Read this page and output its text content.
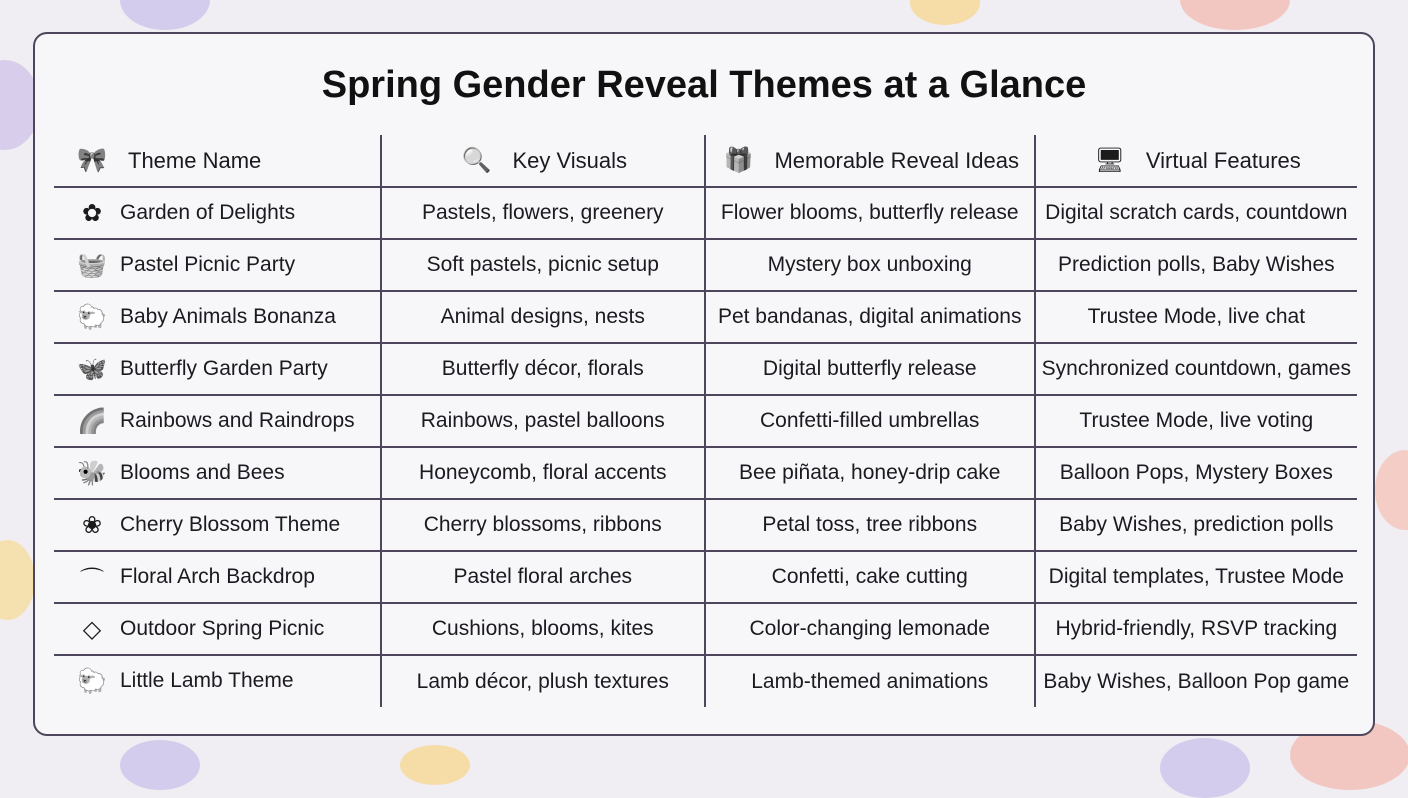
Spring Gender Reveal Themes at a Glance
🎀 Theme Name	🔍 Key Visuals	🎁 Memorable Reveal Ideas	🖥 Virtual Features

✿ Garden of Delights	Pastels, flowers, greenery	Flower blooms, butterfly release	Digital scratch cards, countdown
🧺 Pastel Picnic Party	Soft pastels, picnic setup	Mystery box unboxing	Prediction polls, Baby Wishes
🐑 Baby Animals Bonanza	Animal designs, nests	Pet bandanas, digital animations	Trustee Mode, live chat
🦋 Butterfly Garden Party	Butterfly décor, florals	Digital butterfly release	Synchronized countdown, games
🌈 Rainbows and Raindrops	Rainbows, pastel balloons	Confetti-filled umbrellas	Trustee Mode, live voting
🐝 Blooms and Bees	Honeycomb, floral accents	Bee piñata, honey-drip cake	Balloon Pops, Mystery Boxes
❀ Cherry Blossom Theme	Cherry blossoms, ribbons	Petal toss, tree ribbons	Baby Wishes, prediction polls
⌒ Floral Arch Backdrop	Pastel floral arches	Confetti, cake cutting	Digital templates, Trustee Mode
◇ Outdoor Spring Picnic	Cushions, blooms, kites	Color-changing lemonade	Hybrid-friendly, RSVP tracking
🐑 Little Lamb Theme	Lamb décor, plush textures	Lamb-themed animations	Baby Wishes, Balloon Pop game
